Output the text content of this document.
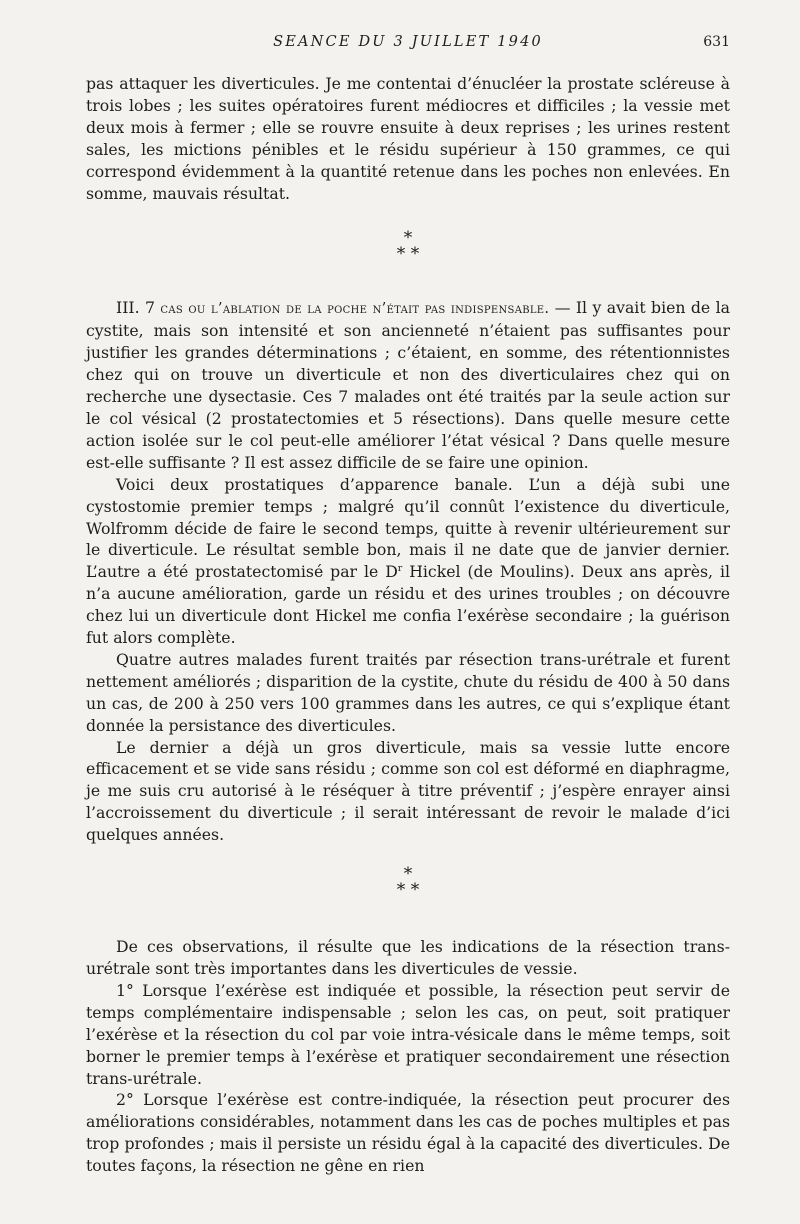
SEANCE DU 3 JUILLET 1940	631

pas attaquer les diverticules. Je me contentai d’énucléer la prostate scléreuse à trois lobes ; les suites opératoires furent médiocres et difficiles ; la vessie met deux mois à fermer ; elle se rouvre ensuite à deux reprises ; les urines restent sales, les mictions pénibles et le résidu supérieur à 150 grammes, ce qui correspond évidemment à la quantité retenue dans les poches non enlevées. En somme, mauvais résultat.

*
* *

III. 7 cas ou l’ablation de la poche n’était pas indispensable. — Il y avait bien de la cystite, mais son intensité et son ancienneté n’étaient pas suffisantes pour justifier les grandes déterminations ; c’étaient, en somme, des rétentionnistes chez qui on trouve un diverticule et non des diverticulaires chez qui on recherche une dysectasie. Ces 7 malades ont été traités par la seule action sur le col vésical (2 prostatectomies et 5 résections). Dans quelle mesure cette action isolée sur le col peut-elle améliorer l’état vésical ? Dans quelle mesure est-elle suffisante ? Il est assez difficile de se faire une opinion.

Voici deux prostatiques d’apparence banale. L’un a déjà subi une cystostomie premier temps ; malgré qu’il connût l’existence du diverticule, Wolfromm décide de faire le second temps, quitte à revenir ultérieurement sur le diverticule. Le résultat semble bon, mais il ne date que de janvier dernier. L’autre a été prostatectomisé par le $D^r$ Hickel (de Moulins). Deux ans après, il n’a aucune amélioration, garde un résidu et des urines troubles ; on découvre chez lui un diverticule dont Hickel me confia l’exérèse secondaire ; la guérison fut alors complète.

Quatre autres malades furent traités par résection trans-urétrale et furent nettement améliorés ; disparition de la cystite, chute du résidu de 400 à 50 dans un cas, de 200 à 250 vers 100 grammes dans les autres, ce qui s’explique étant donnée la persistance des diverticules.

Le dernier a déjà un gros diverticule, mais sa vessie lutte encore efficacement et se vide sans résidu ; comme son col est déformé en diaphragme, je me suis cru autorisé à le réséquer à titre préventif ; j’espère enrayer ainsi l’accroissement du diverticule ; il serait intéressant de revoir le malade d’ici quelques années.

*
* *

De ces observations, il résulte que les indications de la résection trans-urétrale sont très importantes dans les diverticules de vessie.

1° Lorsque l’exérèse est indiquée et possible, la résection peut servir de temps complémentaire indispensable ; selon les cas, on peut, soit pratiquer l’exérèse et la résection du col par voie intra-vésicale dans le même temps, soit borner le premier temps à l’exérèse et pratiquer secondairement une résection trans-urétrale.

2° Lorsque l’exérèse est contre-indiquée, la résection peut procurer des améliorations considérables, notamment dans les cas de poches multiples et pas trop profondes ; mais il persiste un résidu égal à la capacité des diverticules. De toutes façons, la résection ne gêne en rien
